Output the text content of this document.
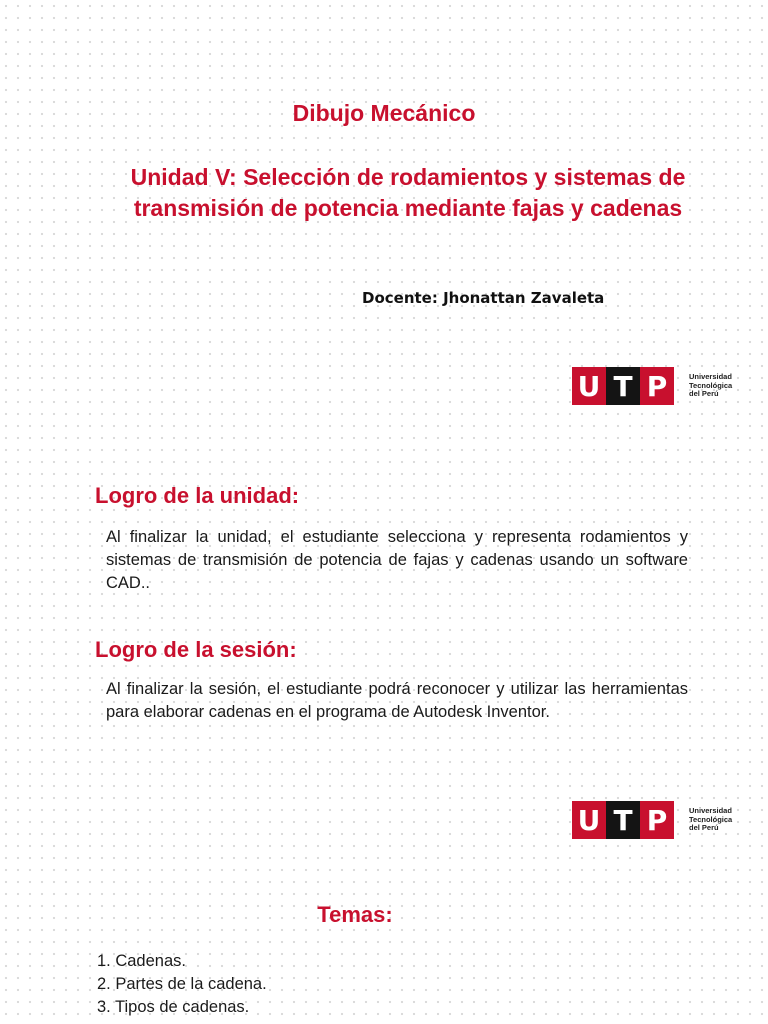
Dibujo Mecánico
Unidad V: Selección de rodamientos y sistemas de transmisión de potencia mediante fajas y cadenas
Docente: Jhonattan Zavaleta
U T P	Universidad
Tecnológica
del Perú
Logro de la unidad:
Al finalizar la unidad, el estudiante selecciona y representa rodamientos y sistemas de transmisión de potencia de fajas y cadenas usando un software CAD..
Logro de la sesión:
Al finalizar la sesión, el estudiante podrá reconocer y utilizar las herramientas para elaborar cadenas en el programa de Autodesk Inventor.
U T P	Universidad
Tecnológica
del Perú
Temas:
1. Cadenas.
2. Partes de la cadena.
3. Tipos de cadenas.
